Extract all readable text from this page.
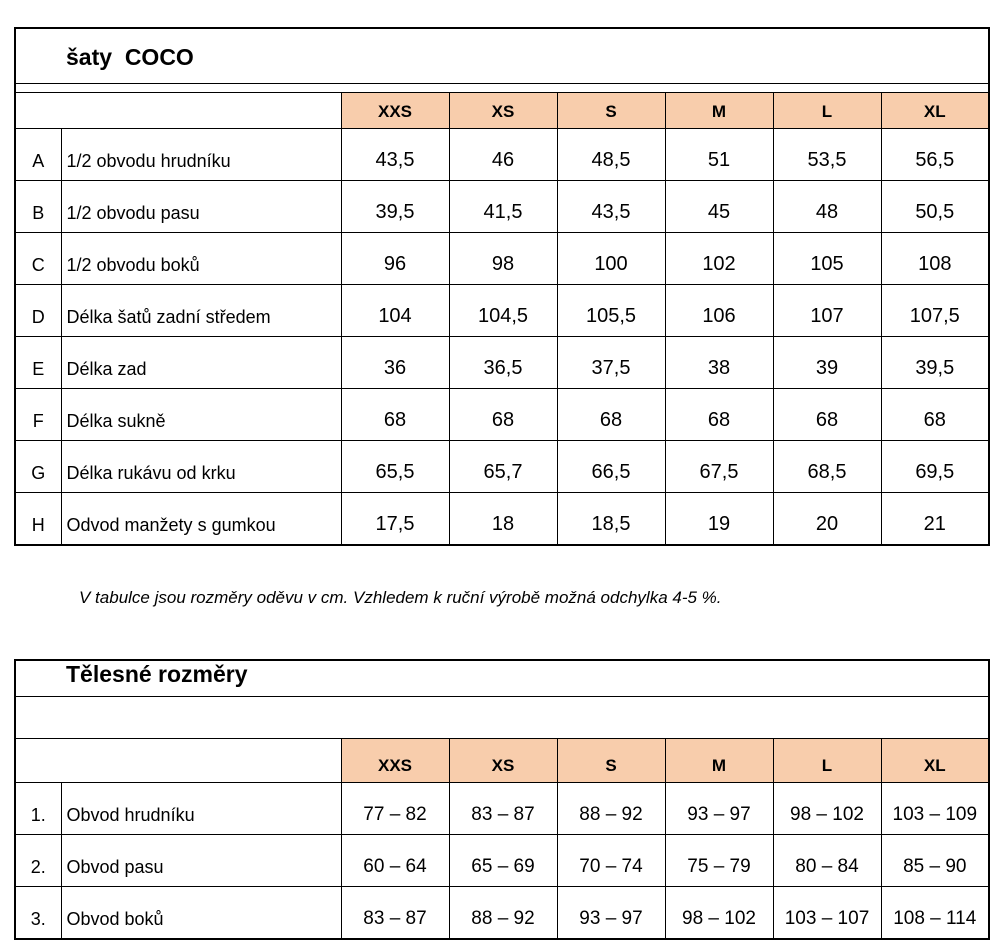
šaty  COCO							

		XXS	XS	S	M	L	XL
A	1/2 obvodu hrudníku	43,5	46	48,5	51	53,5	56,5
B	1/2 obvodu pasu	39,5	41,5	43,5	45	48	50,5
C	1/2 obvodu boků	96	98	100	102	105	108
D	Délka šatů zadní středem	104	104,5	105,5	106	107	107,5
E	Délka zad	36	36,5	37,5	38	39	39,5
F	Délka sukně	68	68	68	68	68	68
G	Délka rukávu od krku	65,5	65,7	66,5	67,5	68,5	69,5
H	Odvod manžety s gumkou	17,5	18	18,5	19	20	21
V tabulce jsou rozměry oděvu v cm. Vzhledem k ruční výrobě možná odchylka 4-5 %.
Tělesné rozměry							

		XXS	XS	S	M	L	XL
1.	Obvod hrudníku	77 – 82	83 – 87	88 – 92	93 – 97	98 – 102	103 – 109
2.	Obvod pasu	60 – 64	65 – 69	70 – 74	75 – 79	80 – 84	85 – 90
3.	Obvod boků	83 – 87	88 – 92	93 – 97	98 – 102	103 – 107	108 – 114
